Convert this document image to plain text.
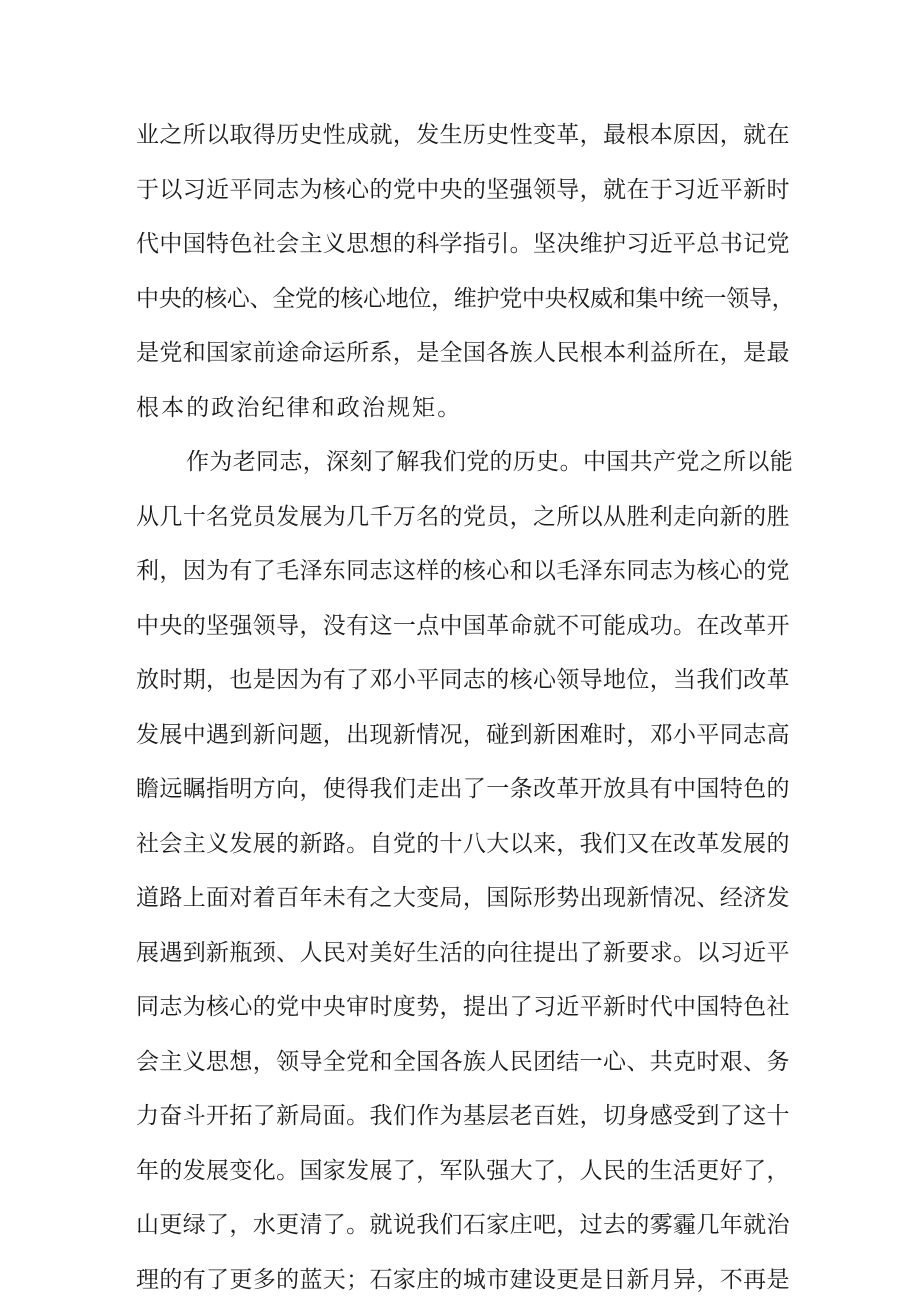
业之所以取得历史性成就，发生历史性变革，最根本原因，就在
于以习近平同志为核心的党中央的坚强领导，就在于习近平新时
代中国特色社会主义思想的科学指引。坚决维护习近平总书记党
中央的核心、全党的核心地位，维护党中央权威和集中统一领导，
是党和国家前途命运所系，是全国各族人民根本利益所在，是最
根本的政治纪律和政治规矩。
作为老同志，深刻了解我们党的历史。中国共产党之所以能
从几十名党员发展为几千万名的党员，之所以从胜利走向新的胜
利，因为有了毛泽东同志这样的核心和以毛泽东同志为核心的党
中央的坚强领导，没有这一点中国革命就不可能成功。在改革开
放时期，也是因为有了邓小平同志的核心领导地位，当我们改革
发展中遇到新问题，出现新情况，碰到新困难时，邓小平同志高
瞻远瞩指明方向，使得我们走出了一条改革开放具有中国特色的
社会主义发展的新路。自党的十八大以来，我们又在改革发展的
道路上面对着百年未有之大变局，国际形势出现新情况、经济发
展遇到新瓶颈、人民对美好生活的向往提出了新要求。以习近平
同志为核心的党中央审时度势，提出了习近平新时代中国特色社
会主义思想，领导全党和全国各族人民团结一心、共克时艰、务
力奋斗开拓了新局面。我们作为基层老百姓，切身感受到了这十
年的发展变化。国家发展了，军队强大了，人民的生活更好了，
山更绿了，水更清了。就说我们石家庄吧，过去的雾霾几年就治
理的有了更多的蓝天；石家庄的城市建设更是日新月异，不再是
